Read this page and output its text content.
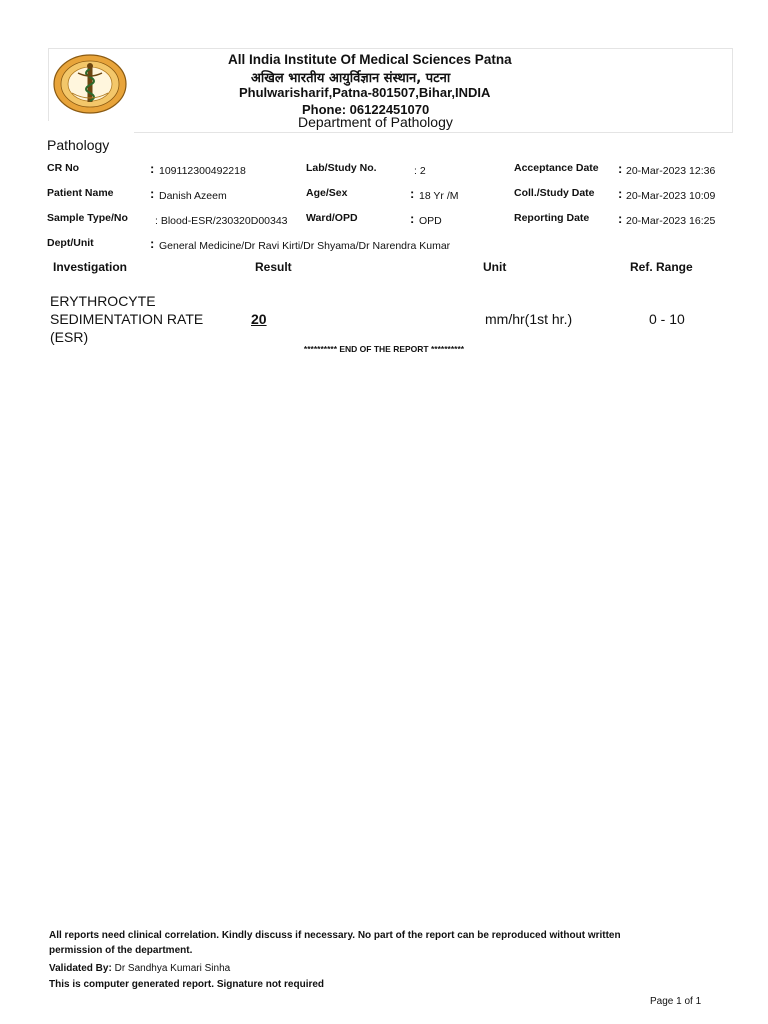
All India Institute Of Medical Sciences Patna
अखिल भारतीय आयुर्विज्ञान संस्थान, पटना
Phulwarisharif,Patna-801507,Bihar,INDIA
Phone: 06122451070
Department of Pathology
Pathology
CR No	: 109112300492218	Lab/Study No.	: 2	Acceptance Date : 20-Mar-2023 12:36
Patient Name	: Danish Azeem	Age/Sex	: 18 Yr /M	Coll./Study Date : 20-Mar-2023 10:09
Sample Type/No	: Blood-ESR/230320D00343 Ward/OPD	: OPD	Reporting Date : 20-Mar-2023 16:25
Dept/Unit	: General Medicine/Dr Ravi Kirti/Dr Shyama/Dr Narendra Kumar
Investigation	Result	Unit	Ref. Range
ERYTHROCYTE
SEDIMENTATION RATE
(ESR)
20	mm/hr(1st hr.)	0 - 10
********** END OF THE REPORT **********
All reports need clinical correlation. Kindly discuss if necessary. No part of the report can be reproduced without written
permission of the department.
Validated By: Dr Sandhya Kumari Sinha
This is computer generated report. Signature not required
Page 1 of 1
